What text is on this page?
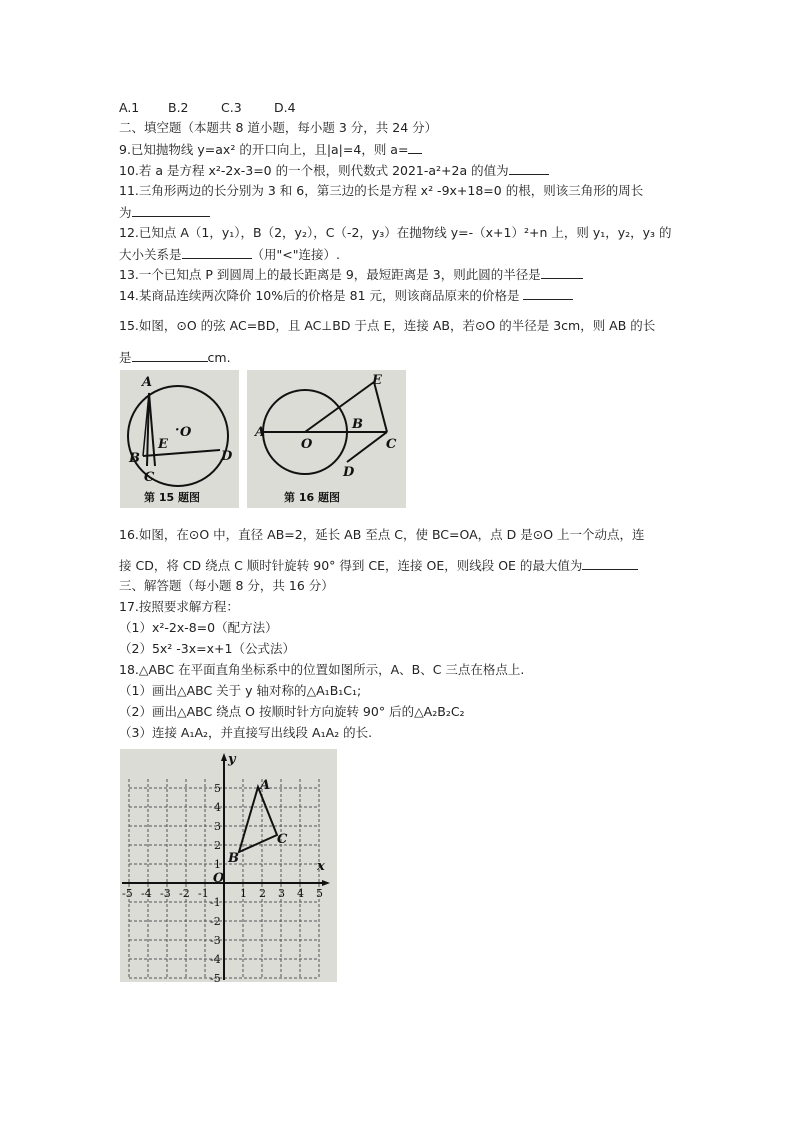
A.1 B.2	C.3	D.4
二、填空题（本题共 8 道小题，每小题 3 分，共 24 分）
9.已知抛物线 y=ax² 的开口向上，且|a|=4，则 a=
10.若 a 是方程 x²-2x-3=0 的一个根，则代数式 2021-a²+2a 的值为
11.三角形两边的长分别为 3 和 6，第三边的长是方程 x² -9x+18=0 的根，则该三角形的周长
为
12.已知点 A（1，y₁），B（2，y₂），C（-2，y₃）在抛物线 y=-（x+1）²+n 上，则 y₁，y₂，y₃ 的
大小关系是	（用"<"连接）.
13.一个已知点 P 到圆周上的最长距离是 9，最短距离是 3，则此圆的半径是
14.某商品连续两次降价 10%后的价格是 81 元，则该商品原来的价格是
15.如图，⊙O 的弦 AC=BD，且 AC⊥BD 于点 E，连接 AB，若⊙O 的半径是 3cm，则 AB 的长
是	cm.
A
O
·
E
B
C
D
第 15 题图
A
O
B
C
D
E
第 16 题图
16.如图，在⊙O 中，直径 AB=2，延长 AB 至点 C，使 BC=OA，点 D 是⊙O 上一个动点，连
接 CD，将 CD 绕点 C 顺时针旋转 90° 得到 CE，连接 OE，则线段 OE 的最大值为
三、解答题（每小题 8 分，共 16 分）
17.按照要求解方程：
（1）x²-2x-8=0（配方法）
（2）5x² -3x=x+1（公式法）
18.△ABC 在平面直角坐标系中的位置如图所示，A、B、C 三点在格点上.
（1）画出△ABC 关于 y 轴对称的△A₁B₁C₁;
（2）画出△ABC 绕点 O 按顺时针方向旋转 90° 后的△A₂B₂C₂
（3）连接 A₁A₂，并直接写出线段 A₁A₂ 的长.
y
x
O
A
B
C
-5 -4 -3 -2 -1	1 2 3 4 5
5
4
3
2
1
-1
-2
-3
-4
-5
